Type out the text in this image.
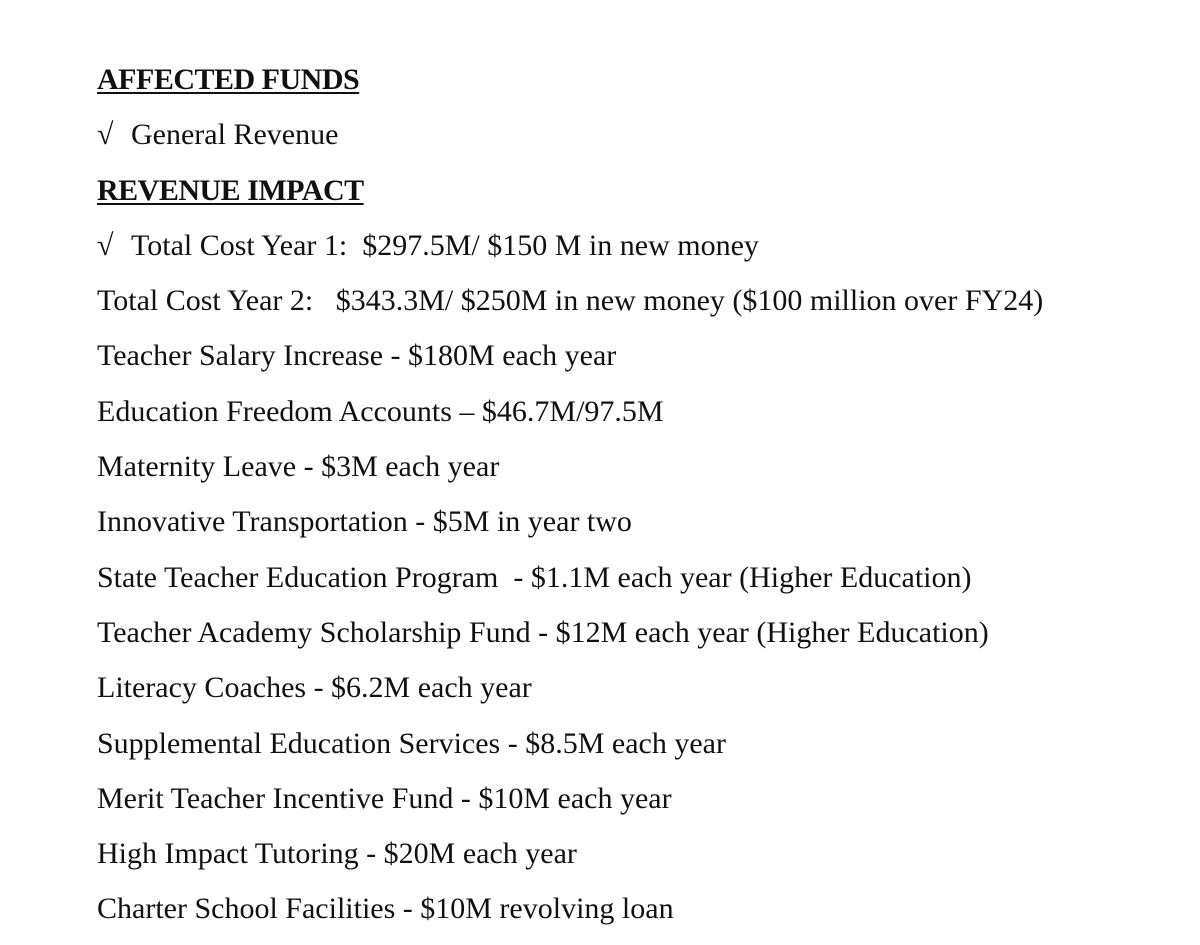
AFFECTED FUNDS
√ General Revenue
REVENUE IMPACT
√ Total Cost Year 1:  $297.5M/ $150 M in new money
Total Cost Year 2:   $343.3M/ $250M in new money ($100 million over FY24)
Teacher Salary Increase - $180M each year
Education Freedom Accounts – $46.7M/97.5M
Maternity Leave - $3M each year
Innovative Transportation - $5M in year two
State Teacher Education Program  - $1.1M each year (Higher Education)
Teacher Academy Scholarship Fund - $12M each year (Higher Education)
Literacy Coaches - $6.2M each year
Supplemental Education Services - $8.5M each year
Merit Teacher Incentive Fund - $10M each year
High Impact Tutoring - $20M each year
Charter School Facilities - $10M revolving loan
